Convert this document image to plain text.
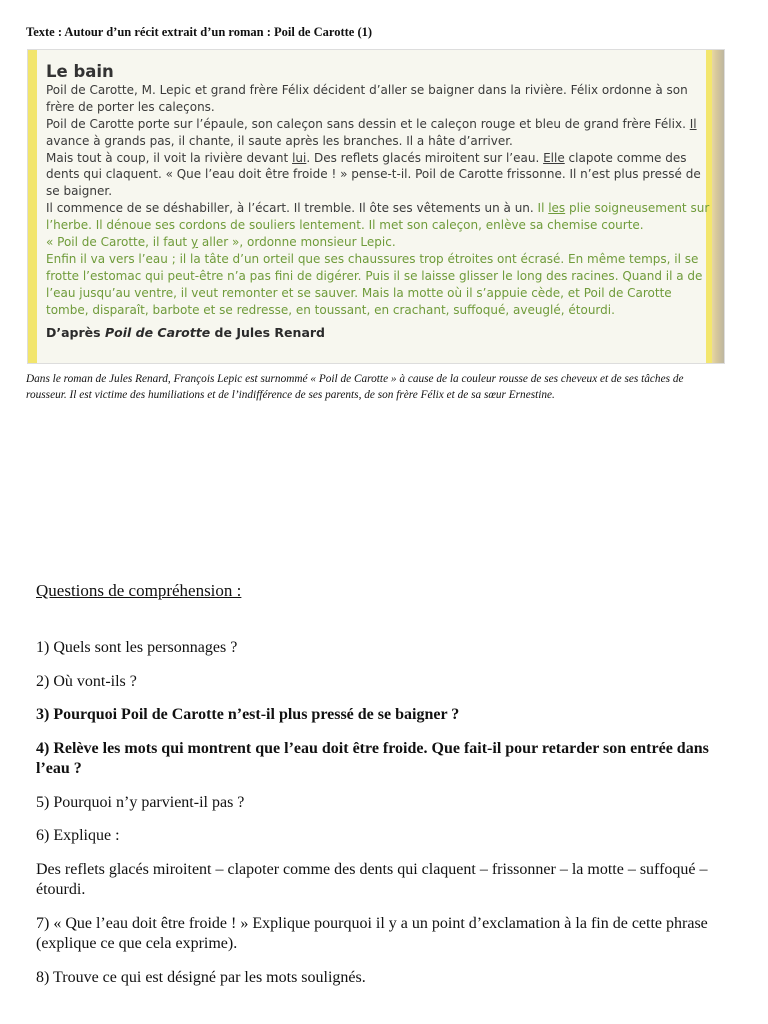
Texte : Autour d’un récit extrait d’un roman : Poil de Carotte (1)
Le bain

Poil de Carotte, M. Lepic et grand frère Félix décident d’aller se baigner dans la rivière. Félix ordonne à son frère de porter les caleçons.

Poil de Carotte porte sur l’épaule, son caleçon sans dessin et le caleçon rouge et bleu de grand frère Félix. Il avance à grands pas, il chante, il saute après les branches. Il a hâte d’arriver.

Mais tout à coup, il voit la rivière devant lui. Des reflets glacés miroitent sur l’eau. Elle clapote comme des dents qui claquent. « Que l’eau doit être froide ! » pense-t-il. Poil de Carotte frissonne. Il n’est plus pressé de se baigner.

Il commence de se déshabiller, à l’écart. Il tremble. Il ôte ses vêtements un à un. Il les plie soigneusement sur l’herbe. Il dénoue ses cordons de souliers lentement. Il met son caleçon, enlève sa chemise courte.

« Poil de Carotte, il faut y aller », ordonne monsieur Lepic.

Enfin il va vers l’eau ; il la tâte d’un orteil que ses chaussures trop étroites ont écrasé. En même temps, il se frotte l’estomac qui peut-être n’a pas fini de digérer. Puis il se laisse glisser le long des racines. Quand il a de l’eau jusqu’au ventre, il veut remonter et se sauver. Mais la motte où il s’appuie cède, et Poil de Carotte tombe, disparaît, barbote et se redresse, en toussant, en crachant, suffoqué, aveuglé, étourdi.

D’après Poil de Carotte de Jules Renard
Dans le roman de Jules Renard, François Lepic est surnommé « Poil de Carotte » à cause de la couleur rousse de ses cheveux et de ses tâches de rousseur. Il est victime des humiliations et de l’indifférence de ses parents, de son frère Félix et de sa sœur Ernestine.
Questions de compréhension :

1) Quels sont les personnages ?

2) Où vont-ils ?

3) Pourquoi Poil de Carotte n’est-il plus pressé de se baigner ?

4) Relève les mots qui montrent que l’eau doit être froide. Que fait-il pour retarder son entrée dans l’eau ?

5) Pourquoi n’y parvient-il pas ?

6) Explique :

Des reflets glacés miroitent – clapoter comme des dents qui claquent – frissonner – la motte – suffoqué – étourdi.

7) « Que l’eau doit être froide ! » Explique pourquoi il y a un point d’exclamation à la fin de cette phrase (explique ce que cela exprime).

8) Trouve ce qui est désigné par les mots soulignés.
